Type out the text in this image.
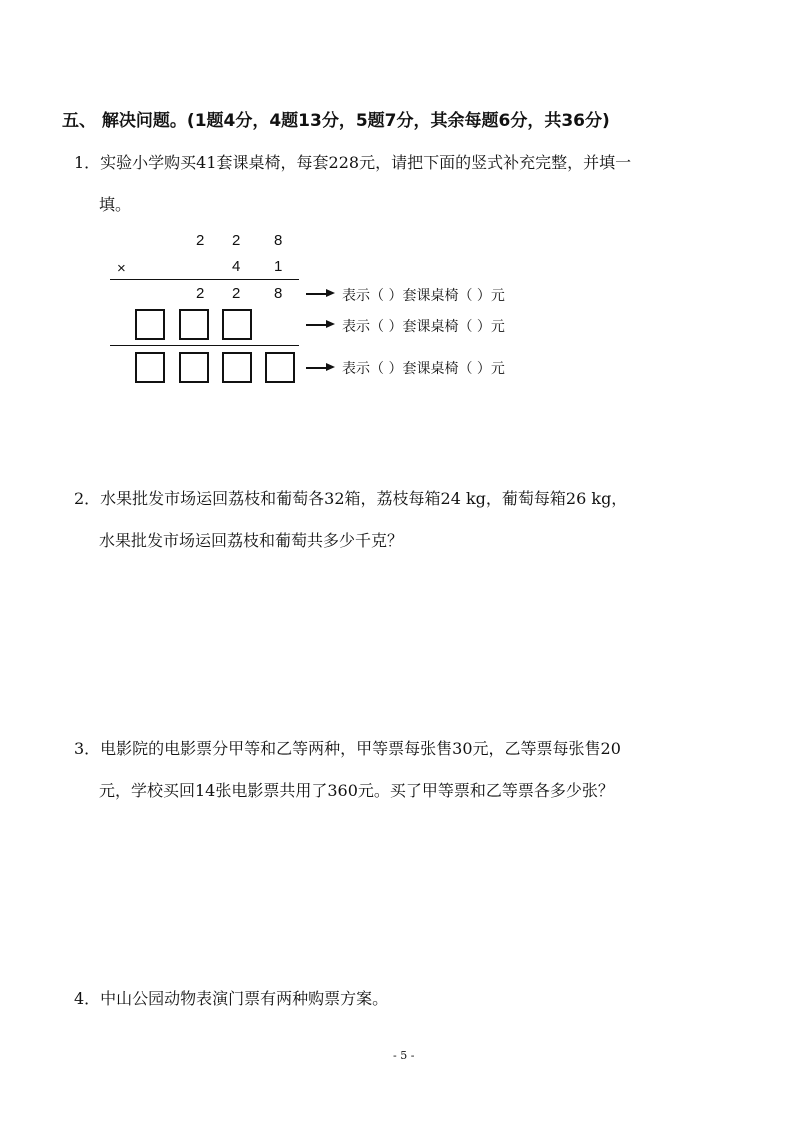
五、 解决问题。(1题4分，4题13分，5题7分，其余每题6分，共36分)
1．实验小学购买41套课桌椅，每套228元，请把下面的竖式补充完整，并填一
填。
2 2 8
×	4 1
2 2 8	表示（ ）套课桌椅（ ）元
表示（ ）套课桌椅（ ）元
表示（ ）套课桌椅（ ）元
2．水果批发市场运回荔枝和葡萄各32箱，荔枝每箱24 kg，葡萄每箱26 kg，
水果批发市场运回荔枝和葡萄共多少千克？
3．电影院的电影票分甲等和乙等两种，甲等票每张售30元，乙等票每张售20
元，学校买回14张电影票共用了360元。买了甲等票和乙等票各多少张？
4．中山公园动物表演门票有两种购票方案。
- 5 -
